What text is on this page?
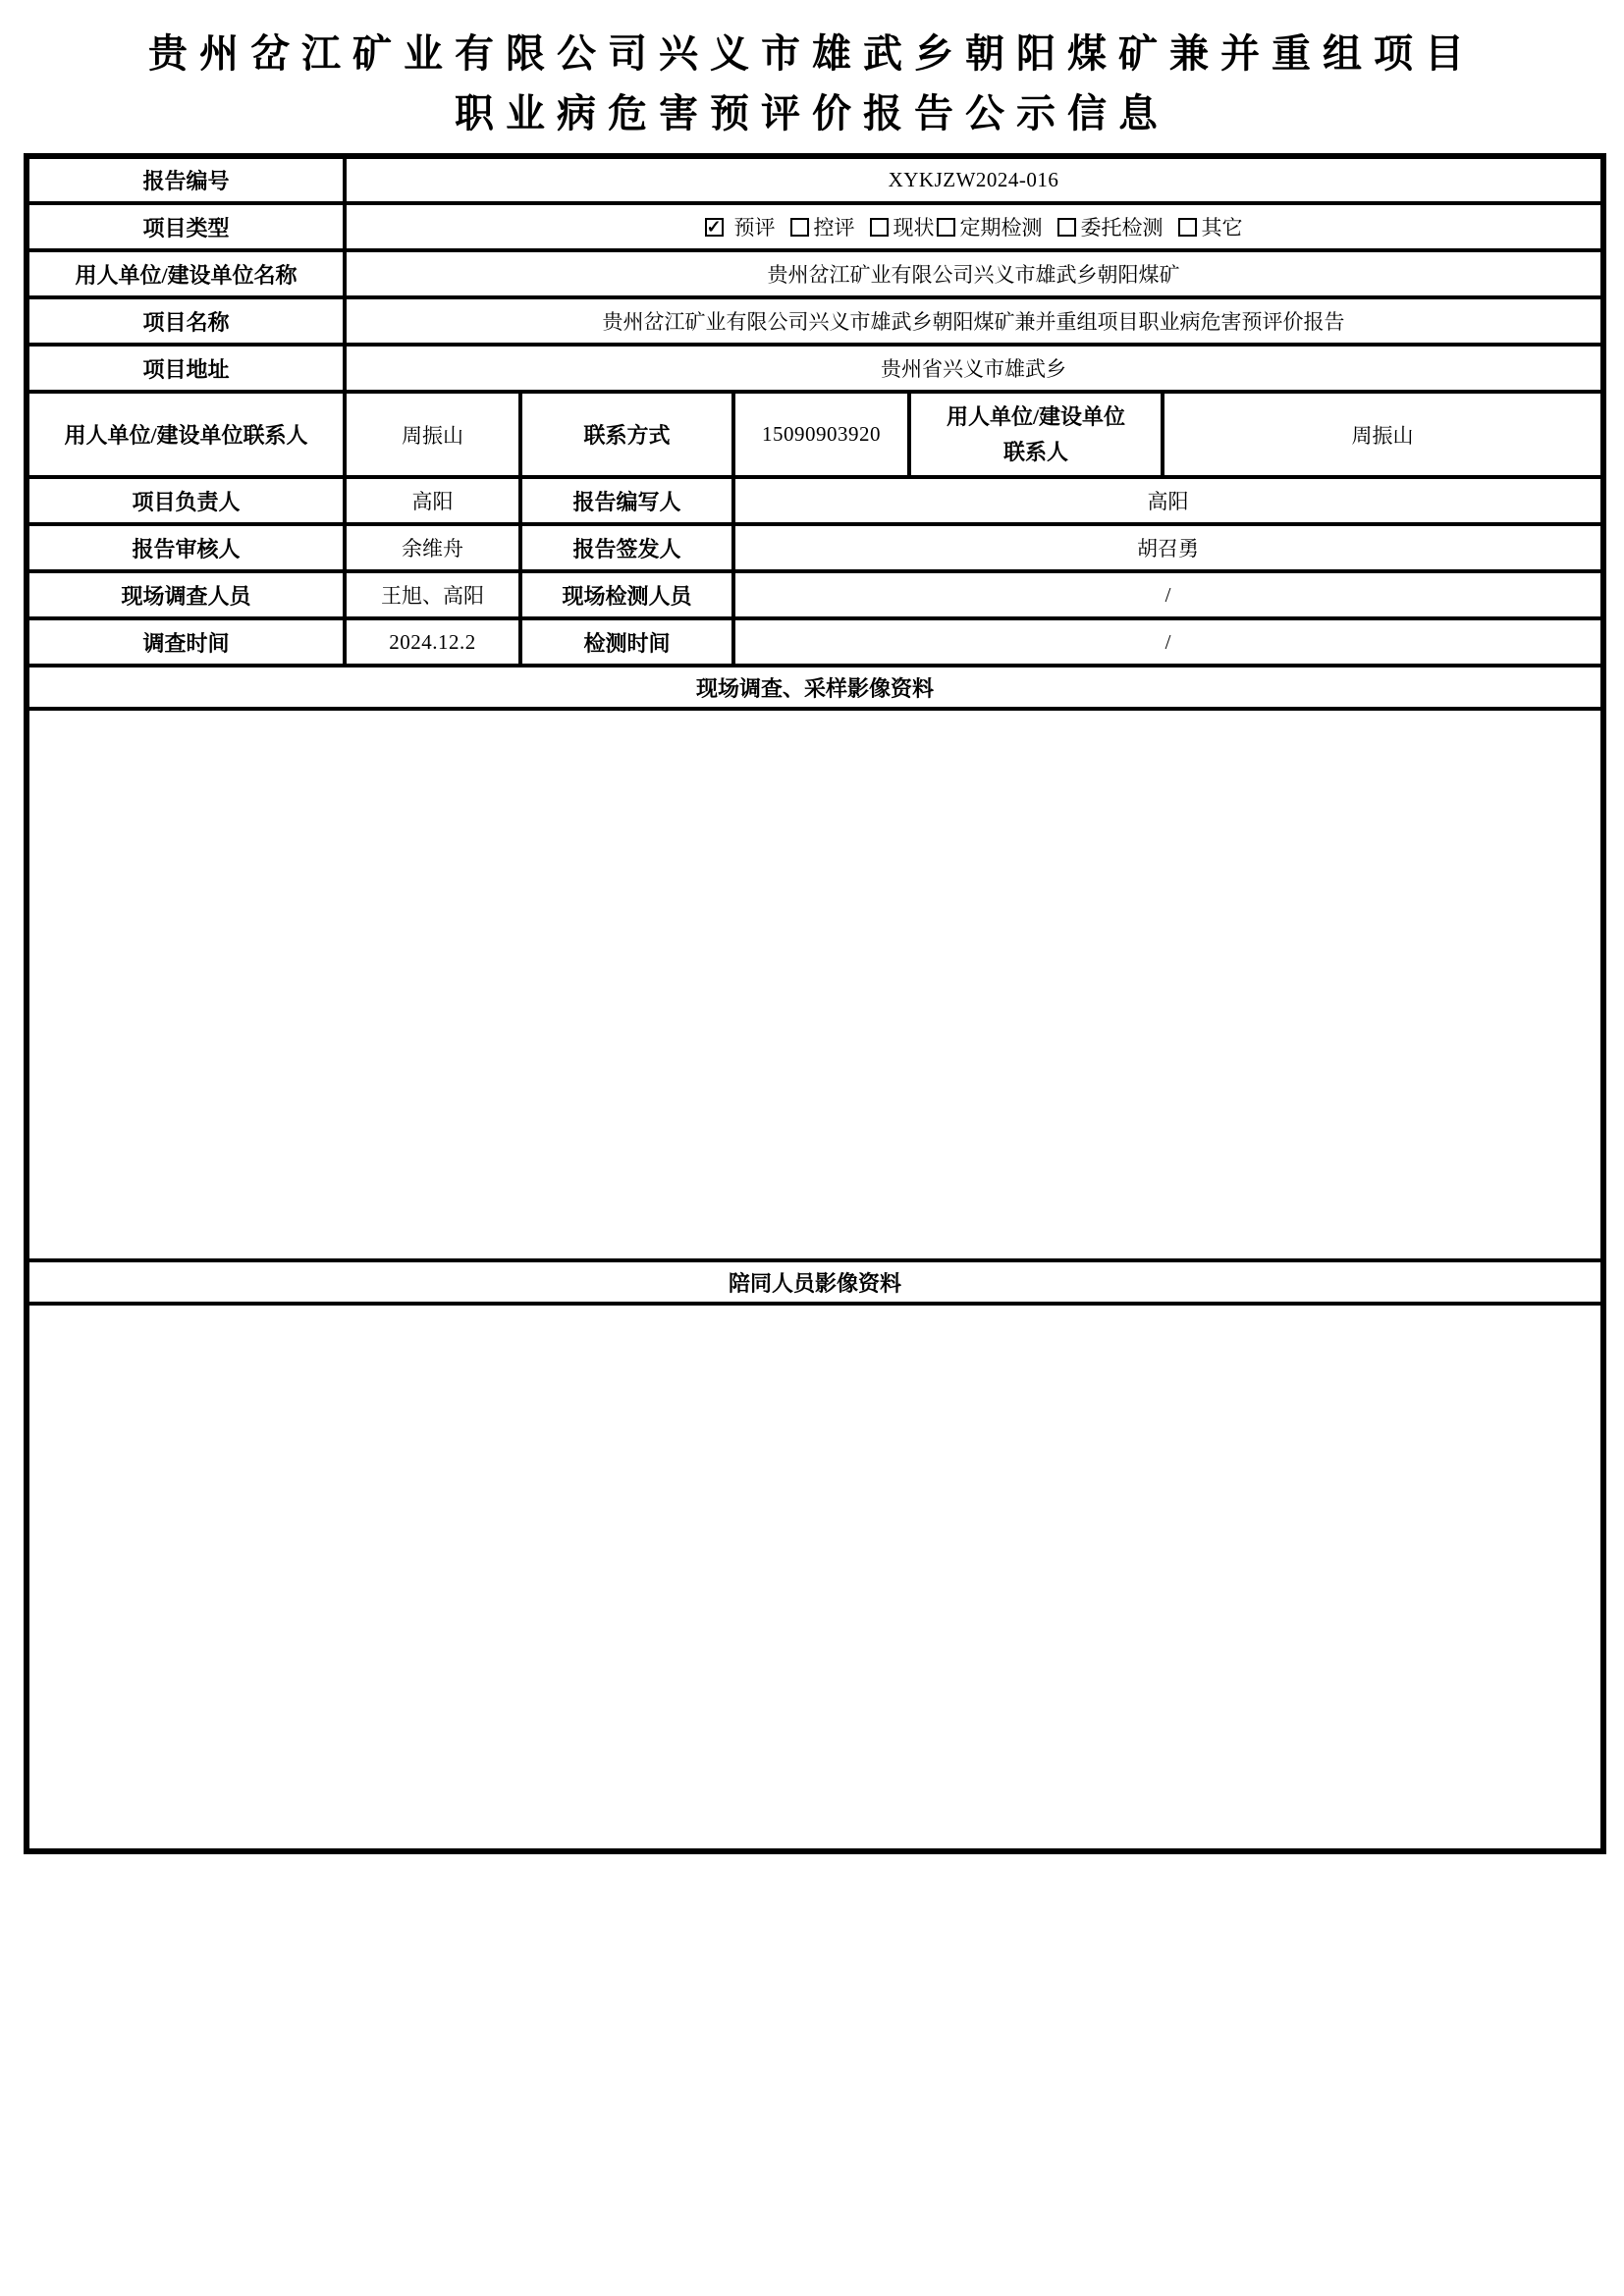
贵州岔江矿业有限公司兴义市雄武乡朝阳煤矿兼并重组项目
职业病危害预评价报告公示信息
报告编号	XYKJZW2024-016				
项目类型	✓ 预评 控评 现状 定期检测 委托检测 其它

用人单位/建设单位名称	贵州岔江矿业有限公司兴义市雄武乡朝阳煤矿				
项目名称	贵州岔江矿业有限公司兴义市雄武乡朝阳煤矿兼并重组项目职业病危害预评价报告				
项目地址	贵州省兴义市雄武乡				
用人单位/建设单位联系人	周振山	联系方式	15090903920	用人单位/建设单位联系人	周振山
项目负责人	高阳	报告编写人	高阳		
报告审核人	余维舟	报告签发人	胡召勇		
现场调查人员	王旭、高阳	现场检测人员	/		
调查时间	2024.12.2	检测时间	/		
现场调查、采样影像资料					

陪同人员影像资料					
